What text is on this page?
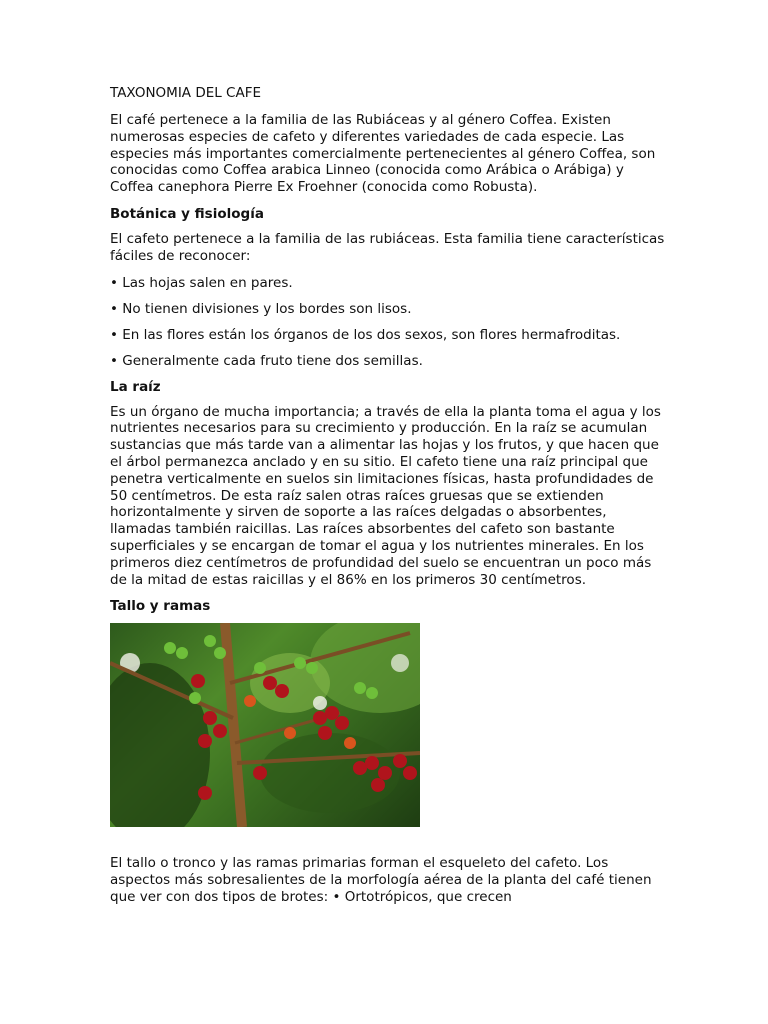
TAXONOMIA DEL CAFE

El café pertenece a la familia de las Rubiáceas y al género Coffea. Existen numerosas especies de cafeto y diferentes variedades de cada especie. Las especies más importantes comercialmente pertenecientes al género Coffea, son conocidas como Coffea arabica Linneo (conocida como Arábica o Arábiga) y Coffea canephora Pierre Ex Froehner (conocida como Robusta).

Botánica y fisiología

El cafeto pertenece a la familia de las rubiáceas. Esta familia tiene características fáciles de reconocer:

• Las hojas salen en pares.
• No tienen divisiones y los bordes son lisos.
• En las flores están los órganos de los dos sexos, son flores hermafroditas.
• Generalmente cada fruto tiene dos semillas.
La raíz

Es un órgano de mucha importancia; a través de ella la planta toma el agua y los nutrientes necesarios para su crecimiento y producción. En la raíz se acumulan sustancias que más tarde van a alimentar las hojas y los frutos, y que hacen que el árbol permanezca anclado y en su sitio. El cafeto tiene una raíz principal que penetra verticalmente en suelos sin limitaciones físicas, hasta profundidades de 50 centímetros. De esta raíz salen otras raíces gruesas que se extienden horizontalmente y sirven de soporte a las raíces delgadas o absorbentes, llamadas también raicillas. Las raíces absorbentes del cafeto son bastante superficiales y se encargan de tomar el agua y los nutrientes minerales. En los primeros diez centímetros de profundidad del suelo se encuentran un poco más de la mitad de estas raicillas y el 86% en los primeros 30 centímetros.

Tallo y ramas

El tallo o tronco y las ramas primarias forman el esqueleto del cafeto. Los aspectos más sobresalientes de la morfología aérea de la planta del café tienen que ver con dos tipos de brotes: • Ortotrópicos, que crecen
